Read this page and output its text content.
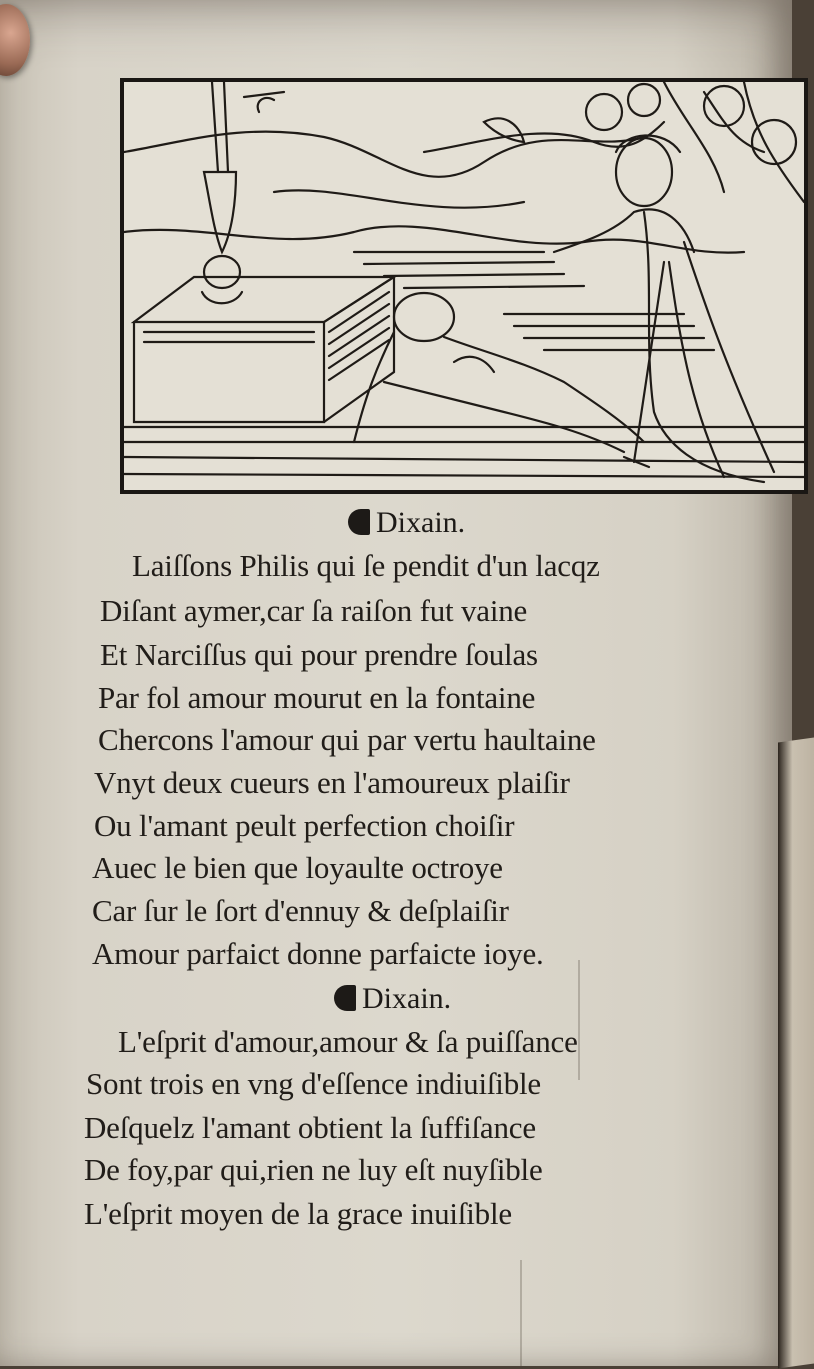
Dixain.
Laiſſons Philis qui ſe pendit d'un lacqz
Diſant aymer,car ſa raiſon fut vaine
Et Narciſſus qui pour prendre ſoulas
Par fol amour mourut en la fontaine
Chercons l'amour qui par vertu haultaine
Vnyt deux cueurs en l'amoureux plaiſir
Ou l'amant peult perfection choiſir
Auec le bien que loyaulte octroye
Car ſur le ſort d'ennuy & deſplaiſir
Amour parfaict donne parfaicte ioye.
Dixain.
L'eſprit d'amour,amour & ſa puiſſance
Sont trois en vng d'eſſence indiuiſible
Deſquelz l'amant obtient la ſuffiſance
De foy,par qui,rien ne luy eſt nuyſible
L'eſprit moyen de la grace inuiſible
